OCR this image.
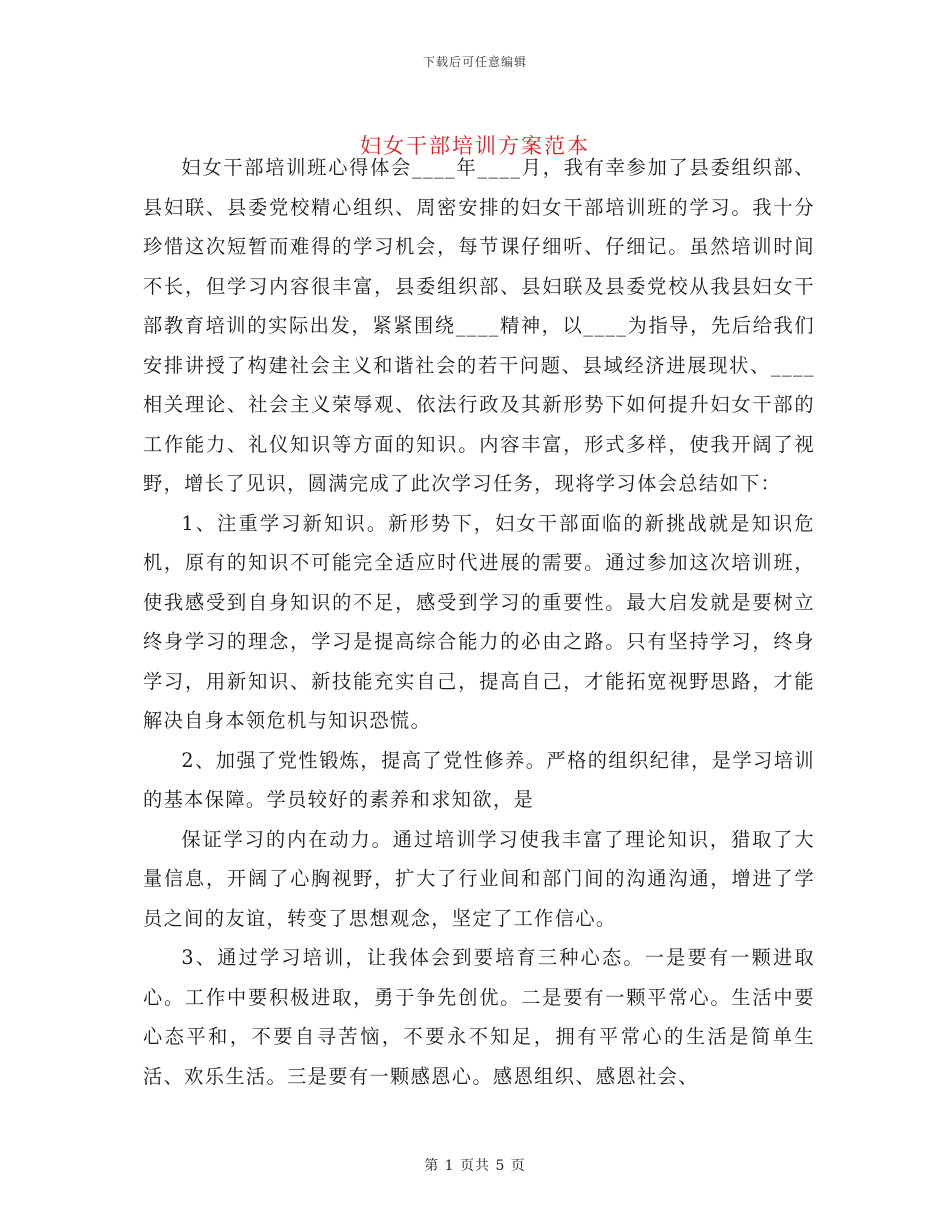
下载后可任意编辑
妇女干部培训方案范本

妇女干部培训班心得体会____年____月，我有幸参加了县委组织部、县妇联、县委党校精心组织、周密安排的妇女干部培训班的学习。我十分珍惜这次短暂而难得的学习机会，每节课仔细听、仔细记。虽然培训时间不长，但学习内容很丰富，县委组织部、县妇联及县委党校从我县妇女干部教育培训的实际出发，紧紧围绕____精神，以____为指导，先后给我们安排讲授了构建社会主义和谐社会的若干问题、县域经济进展现状、____相关理论、社会主义荣辱观、依法行政及其新形势下如何提升妇女干部的工作能力、礼仪知识等方面的知识。内容丰富，形式多样，使我开阔了视野，增长了见识，圆满完成了此次学习任务，现将学习体会总结如下：

1、注重学习新知识。新形势下，妇女干部面临的新挑战就是知识危机，原有的知识不可能完全适应时代进展的需要。通过参加这次培训班，使我感受到自身知识的不足，感受到学习的重要性。最大启发就是要树立终身学习的理念，学习是提高综合能力的必由之路。只有坚持学习，终身学习，用新知识、新技能充实自己，提高自己，才能拓宽视野思路，才能解决自身本领危机与知识恐慌。

2、加强了党性锻炼，提高了党性修养。严格的组织纪律，是学习培训的基本保障。学员较好的素养和求知欲，是

保证学习的内在动力。通过培训学习使我丰富了理论知识，猎取了大量信息，开阔了心胸视野，扩大了行业间和部门间的沟通沟通，增进了学员之间的友谊，转变了思想观念，坚定了工作信心。

3、通过学习培训，让我体会到要培育三种心态。一是要有一颗进取心。工作中要积极进取，勇于争先创优。二是要有一颗平常心。生活中要心态平和，不要自寻苦恼，不要永不知足，拥有平常心的生活是简单生活、欢乐生活。三是要有一颗感恩心。感恩组织、感恩社会、

第 1 页共 5 页
